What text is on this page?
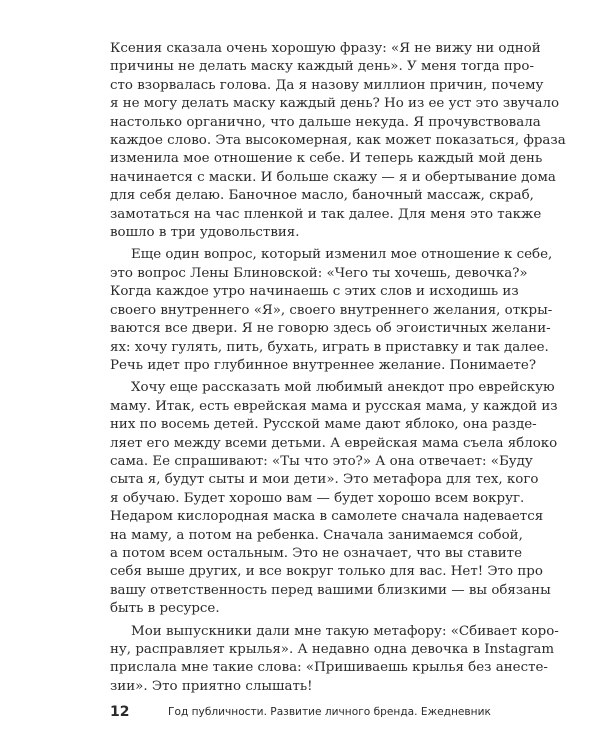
Ксения сказала очень хорошую фразу: «Я не вижу ни одной
причины не делать маску каждый день». У меня тогда про-
сто взорвалась голова. Да я назову миллион причин, почему
я не могу делать маску каждый день? Но из ее уст это звучало
настолько органично, что дальше некуда. Я прочувствовала
каждое слово. Эта высокомерная, как может показаться, фраза
изменила мое отношение к себе. И теперь каждый мой день
начинается с маски. И больше скажу — я и обертывание дома
для себя делаю. Баночное масло, баночный массаж, скраб,
замотаться на час пленкой и так далее. Для меня это также
вошло в три удовольствия.
Еще один вопрос, который изменил мое отношение к себе,
это вопрос Лены Блиновской: «Чего ты хочешь, девочка?»
Когда каждое утро начинаешь с этих слов и исходишь из
своего внутреннего «Я», своего внутреннего желания, откры-
ваются все двери. Я не говорю здесь об эгоистичных желани-
ях: хочу гулять, пить, бухать, играть в приставку и так далее.
Речь идет про глубинное внутреннее желание. Понимаете?
Хочу еще рассказать мой любимый анекдот про еврейскую
маму. Итак, есть еврейская мама и русская мама, у каждой из
них по восемь детей. Русской маме дают яблоко, она разде-
ляет его между всеми детьми. А еврейская мама съела яблоко
сама. Ее спрашивают: «Ты что это?» А она отвечает: «Буду
сыта я, будут сыты и мои дети». Это метафора для тех, кого
я обучаю. Будет хорошо вам — будет хорошо всем вокруг.
Недаром кислородная маска в самолете сначала надевается
на маму, а потом на ребенка. Сначала занимаемся собой,
а потом всем остальным. Это не означает, что вы ставите
себя выше других, и все вокруг только для вас. Нет! Это про
вашу ответственность перед вашими близкими — вы обязаны
быть в ресурсе.
Мои выпускники дали мне такую метафору: «Сбивает коро-
ну, расправляет крылья». А недавно одна девочка в Instagram
прислала мне такие слова: «Пришиваешь крылья без анесте-
зии». Это приятно слышать!
12	Год публичности. Развитие личного бренда. Ежедневник
